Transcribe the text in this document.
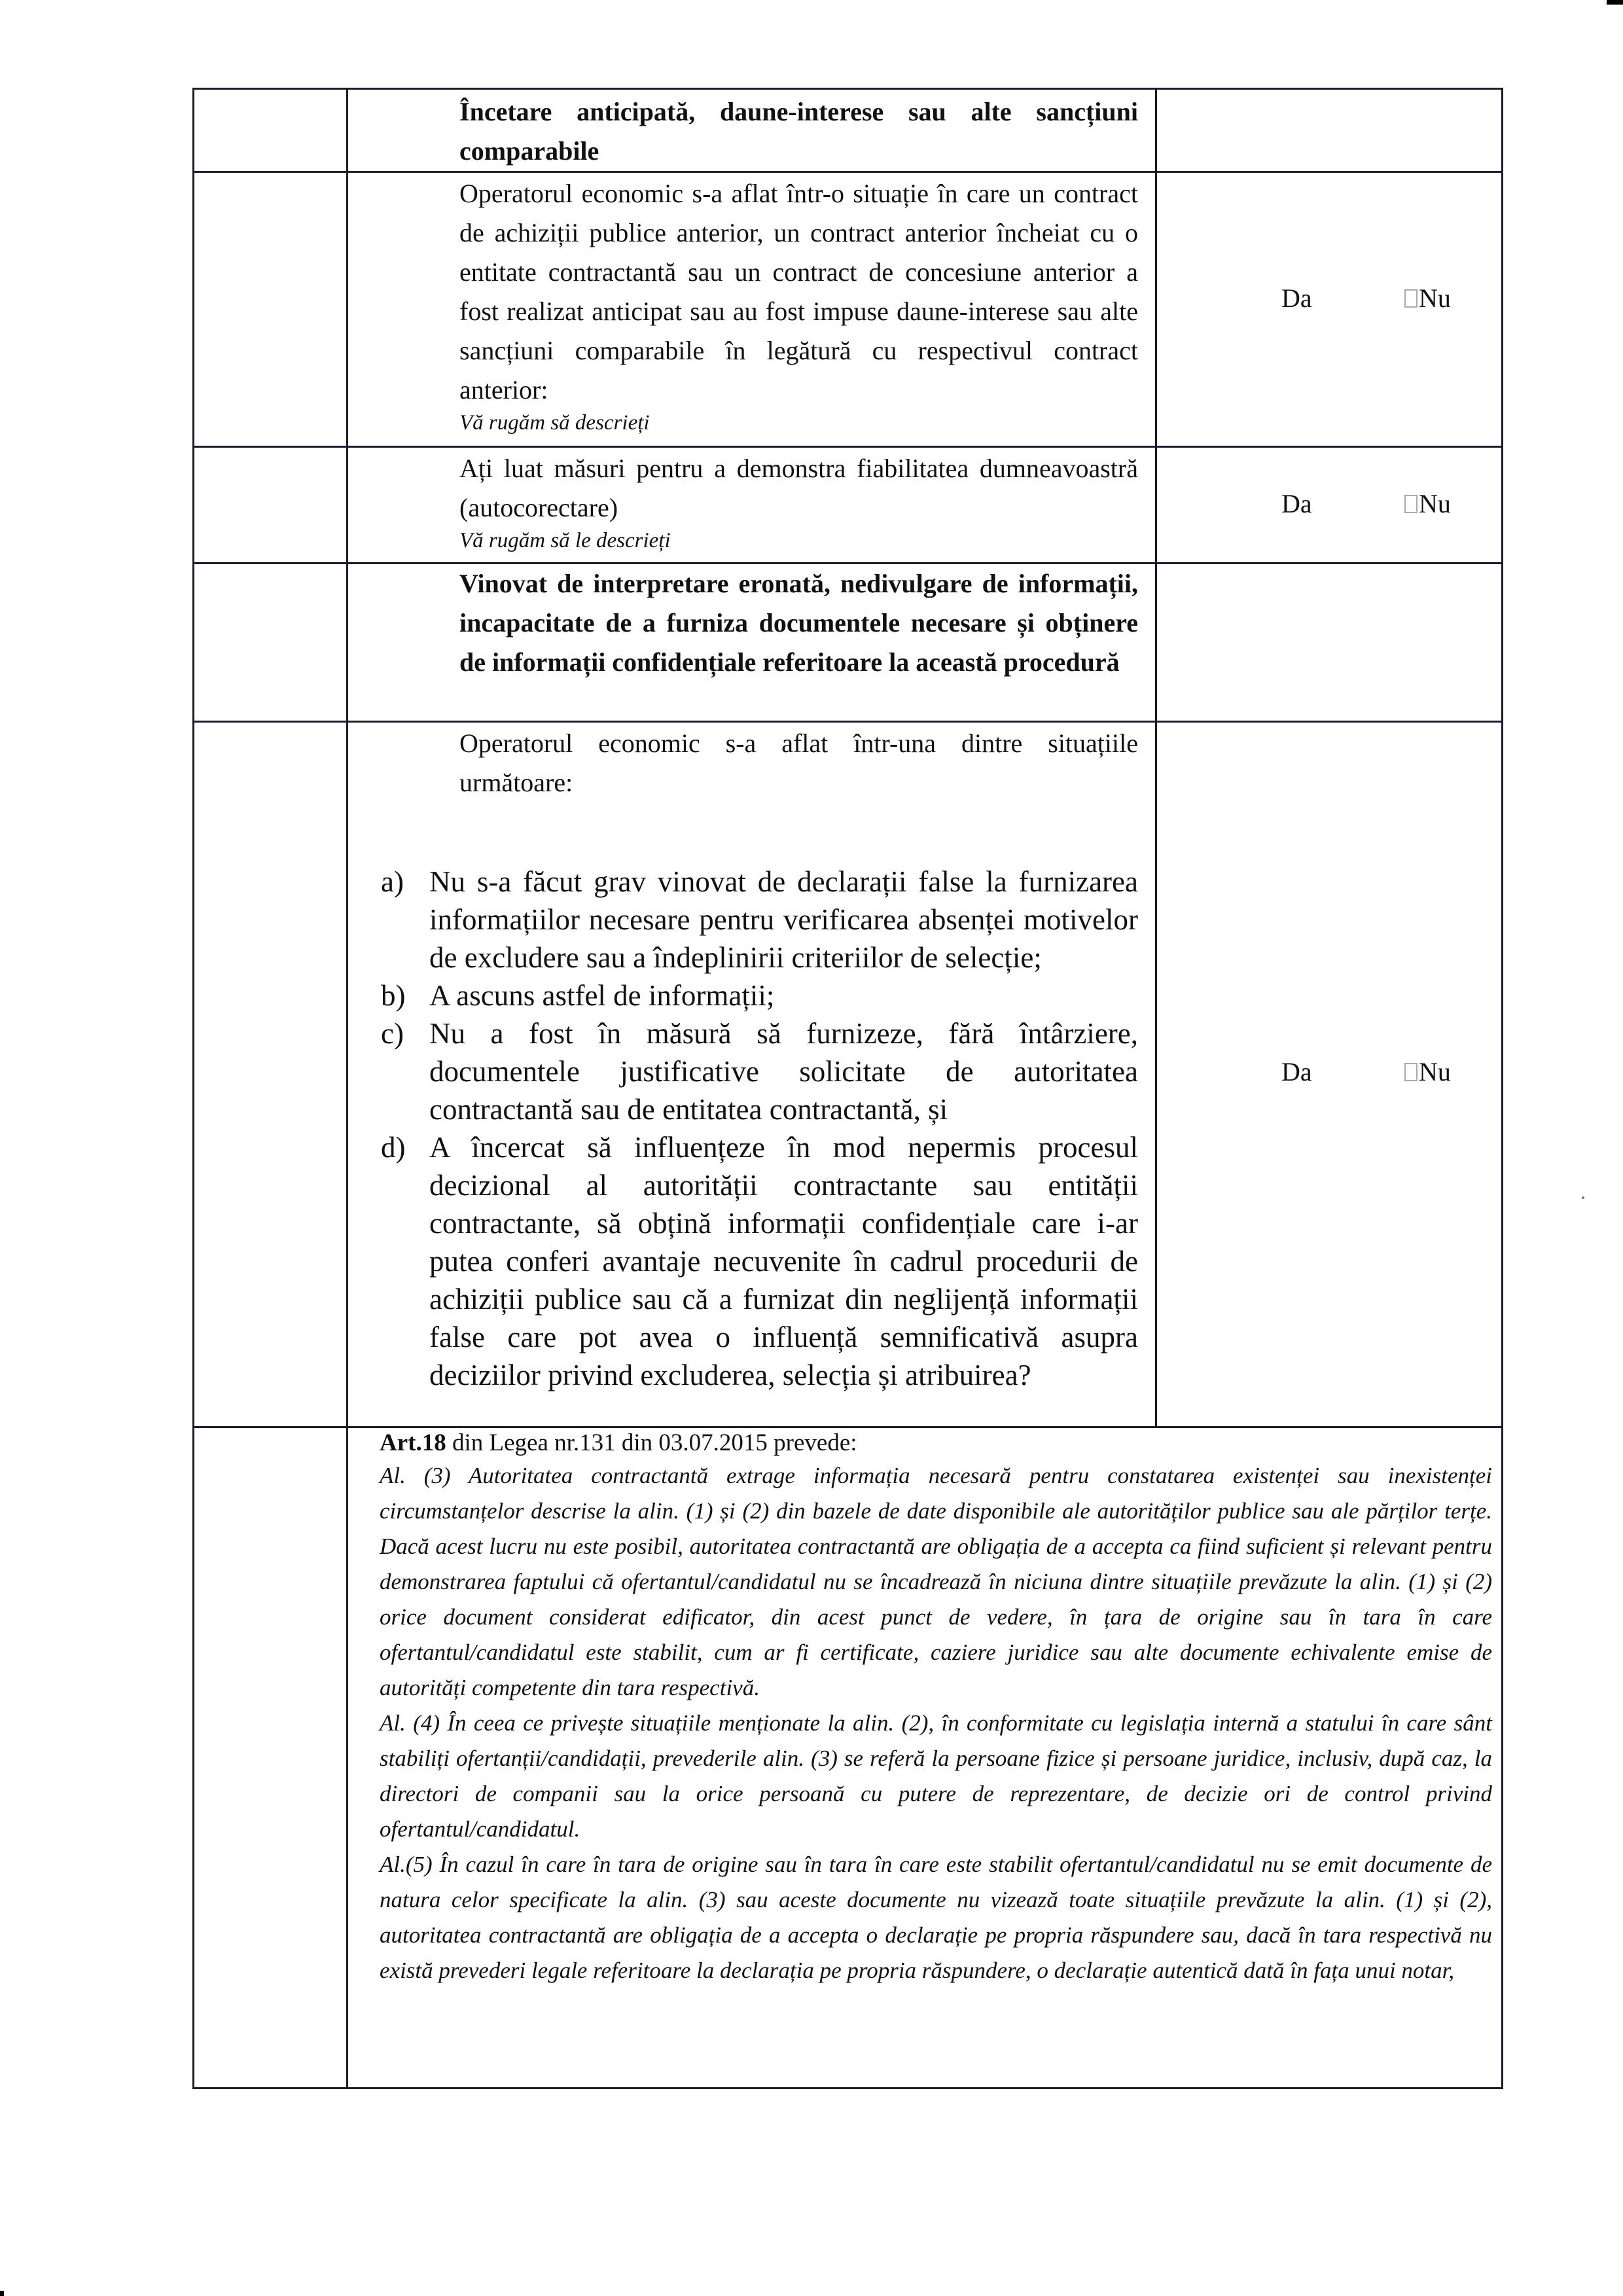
	Încetare anticipată, daune-interese sau alte sancțiuni comparabile	

Operatorul economic s-a aflat într-o situație în care un contract de achiziții publice anterior, un contract anterior încheiat cu o entitate contractantă sau un contract de concesiune anterior a fost realizat anticipat sau au fost impuse daune-interese sau alte sancțiuni comparabile în legătură cu respectivul contract anterior:
Vă rugăm să descrieți

Da	Nu

Ați luat măsuri pentru a demonstra fiabilitatea dumneavoastră (autocorectare)
Vă rugăm să le descrieți

Da	Nu

	Vinovat de interpretare eronată, nedivulgare de informații, incapacitate de a furniza documentele necesare și obținere de informații confidențiale referitoare la această procedură	

Operatorul economic s-a aflat într-una dintre situațiile următoare:
a) Nu s-a făcut grav vinovat de declarații false la furnizarea informațiilor necesare pentru verificarea absenței motivelor de excludere sau a îndeplinirii criteriilor de selecție;
b) A ascuns astfel de informații;
c) Nu a fost în măsură să furnizeze, fără întârziere, documentele justificative solicitate de autoritatea contractantă sau de entitatea contractantă, și
d) A încercat să influențeze în mod nepermis procesul decizional al autorității contractante sau entității contractante, să obțină informații confidențiale care i-ar putea conferi avantaje necuvenite în cadrul procedurii de achiziții publice sau că a furnizat din neglijență informații false care pot avea o influență semnificativă asupra deciziilor privind excluderea, selecția și atribuirea?

Da	Nu

	Art.18 din Legea nr.131 din 03.07.2015 prevede:
Al. (3) Autoritatea contractantă extrage informația necesară pentru constatarea existenței sau inexistenței circumstanțelor descrise la alin. (1) și (2) din bazele de date disponibile ale autorităților publice sau ale părților terțe. Dacă acest lucru nu este posibil, autoritatea contractantă are obligația de a accepta ca fiind suficient și relevant pentru demonstrarea faptului că ofertantul/candidatul nu se încadrează în niciuna dintre situațiile prevăzute la alin. (1) și (2) orice document considerat edificator, din acest punct de vedere, în țara de origine sau în tara în care ofertantul/candidatul este stabilit, cum ar fi certificate, caziere juridice sau alte documente echivalente emise de autorități competente din tara respectivă.
Al. (4) În ceea ce privește situațiile menționate la alin. (2), în conformitate cu legislația internă a statului în care sânt stabiliți ofertanții/candidații, prevederile alin. (3) se referă la persoane fizice și persoane juridice, inclusiv, după caz, la directori de companii sau la orice persoană cu putere de reprezentare, de decizie ori de control privind ofertantul/candidatul.
Al.(5) În cazul în care în tara de origine sau în tara în care este stabilit ofertantul/candidatul nu se emit documente de natura celor specificate la alin. (3) sau aceste documente nu vizează toate situațiile prevăzute la alin. (1) și (2), autoritatea contractantă are obligația de a accepta o declarație pe propria răspundere sau, dacă în tara respectivă nu există prevederi legale referitoare la declarația pe propria răspundere, o declarație autentică dată în fața unui notar,	
